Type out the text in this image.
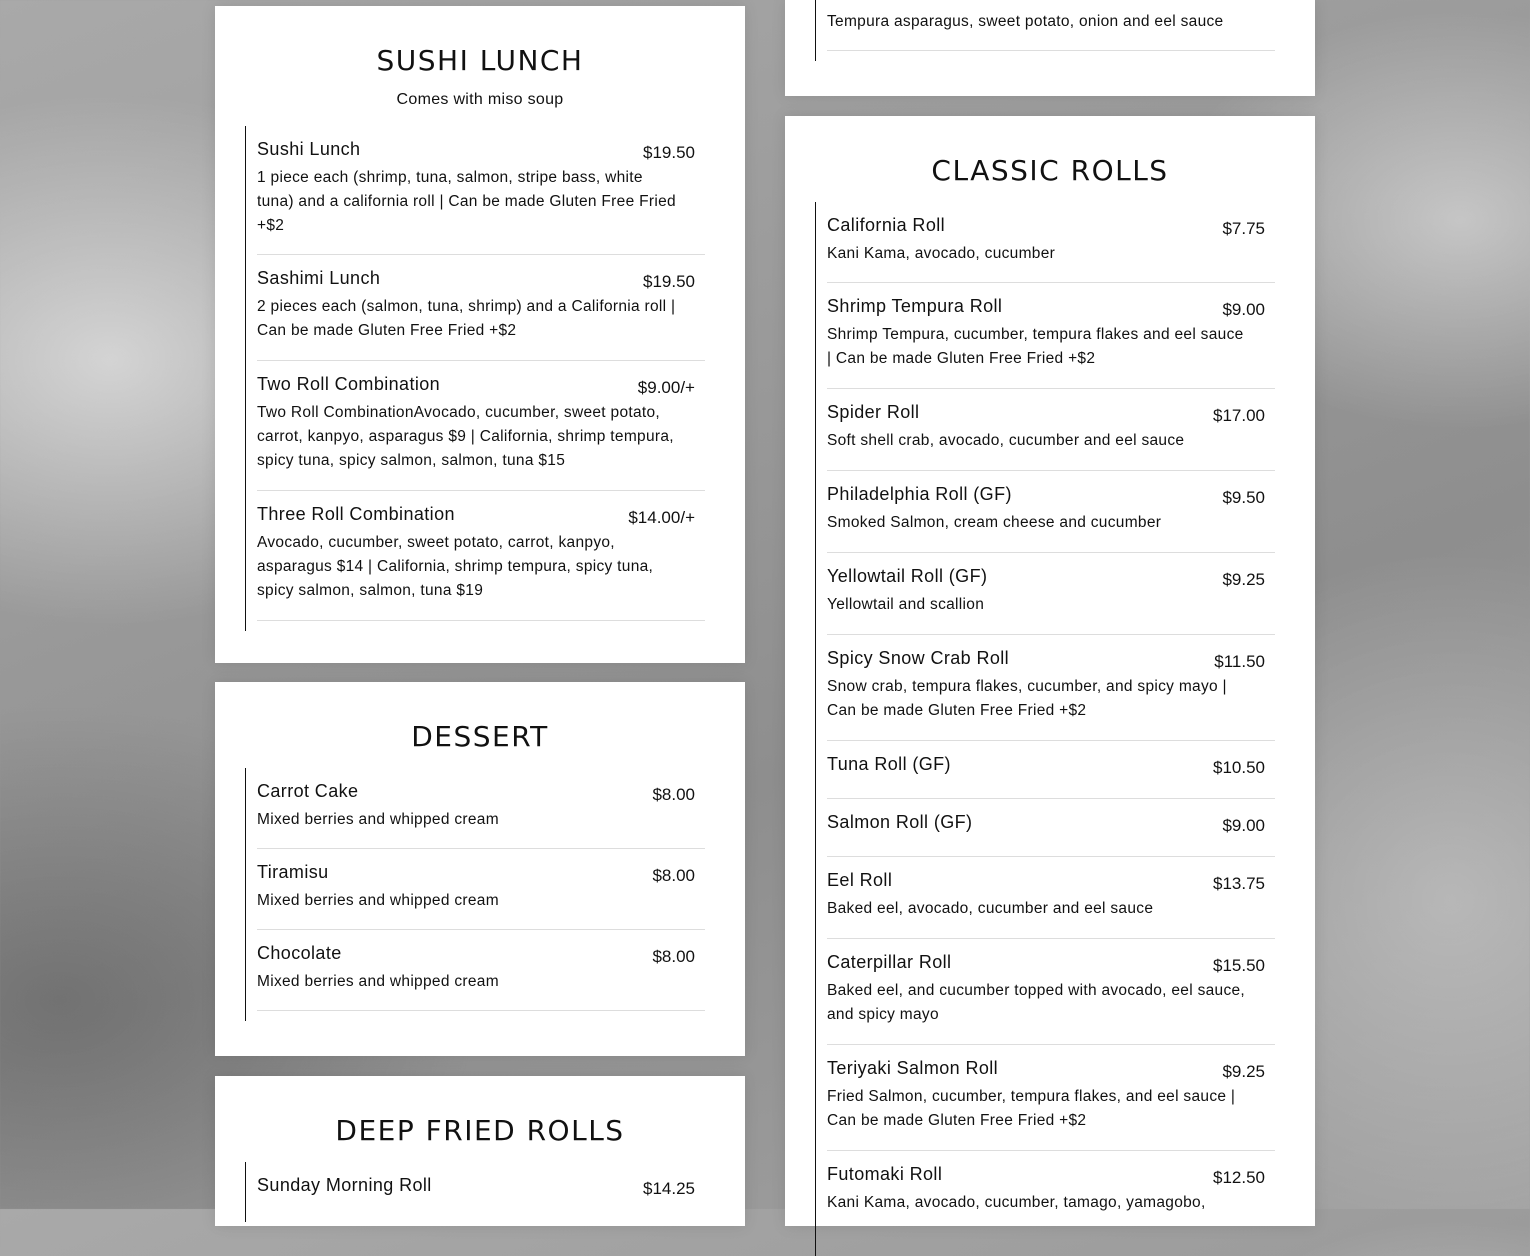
SUSHI LUNCH
Comes with miso soup
Sushi Lunch	$19.50
1 piece each (shrimp, tuna, salmon, stripe bass, white tuna) and a california roll | Can be made Gluten Free Fried +$2
Sashimi Lunch	$19.50
2 pieces each (salmon, tuna, shrimp) and a California roll | Can be made Gluten Free Fried +$2
Two Roll Combination	$9.00/+
Two Roll CombinationAvocado, cucumber, sweet potato, carrot, kanpyo, asparagus $9 | California, shrimp tempura, spicy tuna, spicy salmon, salmon, tuna $15
Three Roll Combination	$14.00/+
Avocado, cucumber, sweet potato, carrot, kanpyo, asparagus $14 | California, shrimp tempura, spicy tuna, spicy salmon, salmon, tuna $19
DESSERT
Carrot Cake	$8.00
Mixed berries and whipped cream
Tiramisu	$8.00
Mixed berries and whipped cream
Chocolate	$8.00
Mixed berries and whipped cream
DEEP FRIED ROLLS
Sunday Morning Roll	$14.25
Tempura asparagus, sweet potato, onion and eel sauce
CLASSIC ROLLS
California Roll	$7.75
Kani Kama, avocado, cucumber
Shrimp Tempura Roll	$9.00
Shrimp Tempura, cucumber, tempura flakes and eel sauce | Can be made Gluten Free Fried +$2
Spider Roll	$17.00
Soft shell crab, avocado, cucumber and eel sauce
Philadelphia Roll (GF)	$9.50
Smoked Salmon, cream cheese and cucumber
Yellowtail Roll (GF)	$9.25
Yellowtail and scallion
Spicy Snow Crab Roll	$11.50
Snow crab, tempura flakes, cucumber, and spicy mayo | Can be made Gluten Free Fried +$2
Tuna Roll (GF)	$10.50
Salmon Roll (GF)	$9.00
Eel Roll	$13.75
Baked eel, avocado, cucumber and eel sauce
Caterpillar Roll	$15.50
Baked eel, and cucumber topped with avocado, eel sauce, and spicy mayo
Teriyaki Salmon Roll	$9.25
Fried Salmon, cucumber, tempura flakes, and eel sauce | Can be made Gluten Free Fried +$2
Futomaki Roll	$12.50
Kani Kama, avocado, cucumber, tamago, yamagobo,
